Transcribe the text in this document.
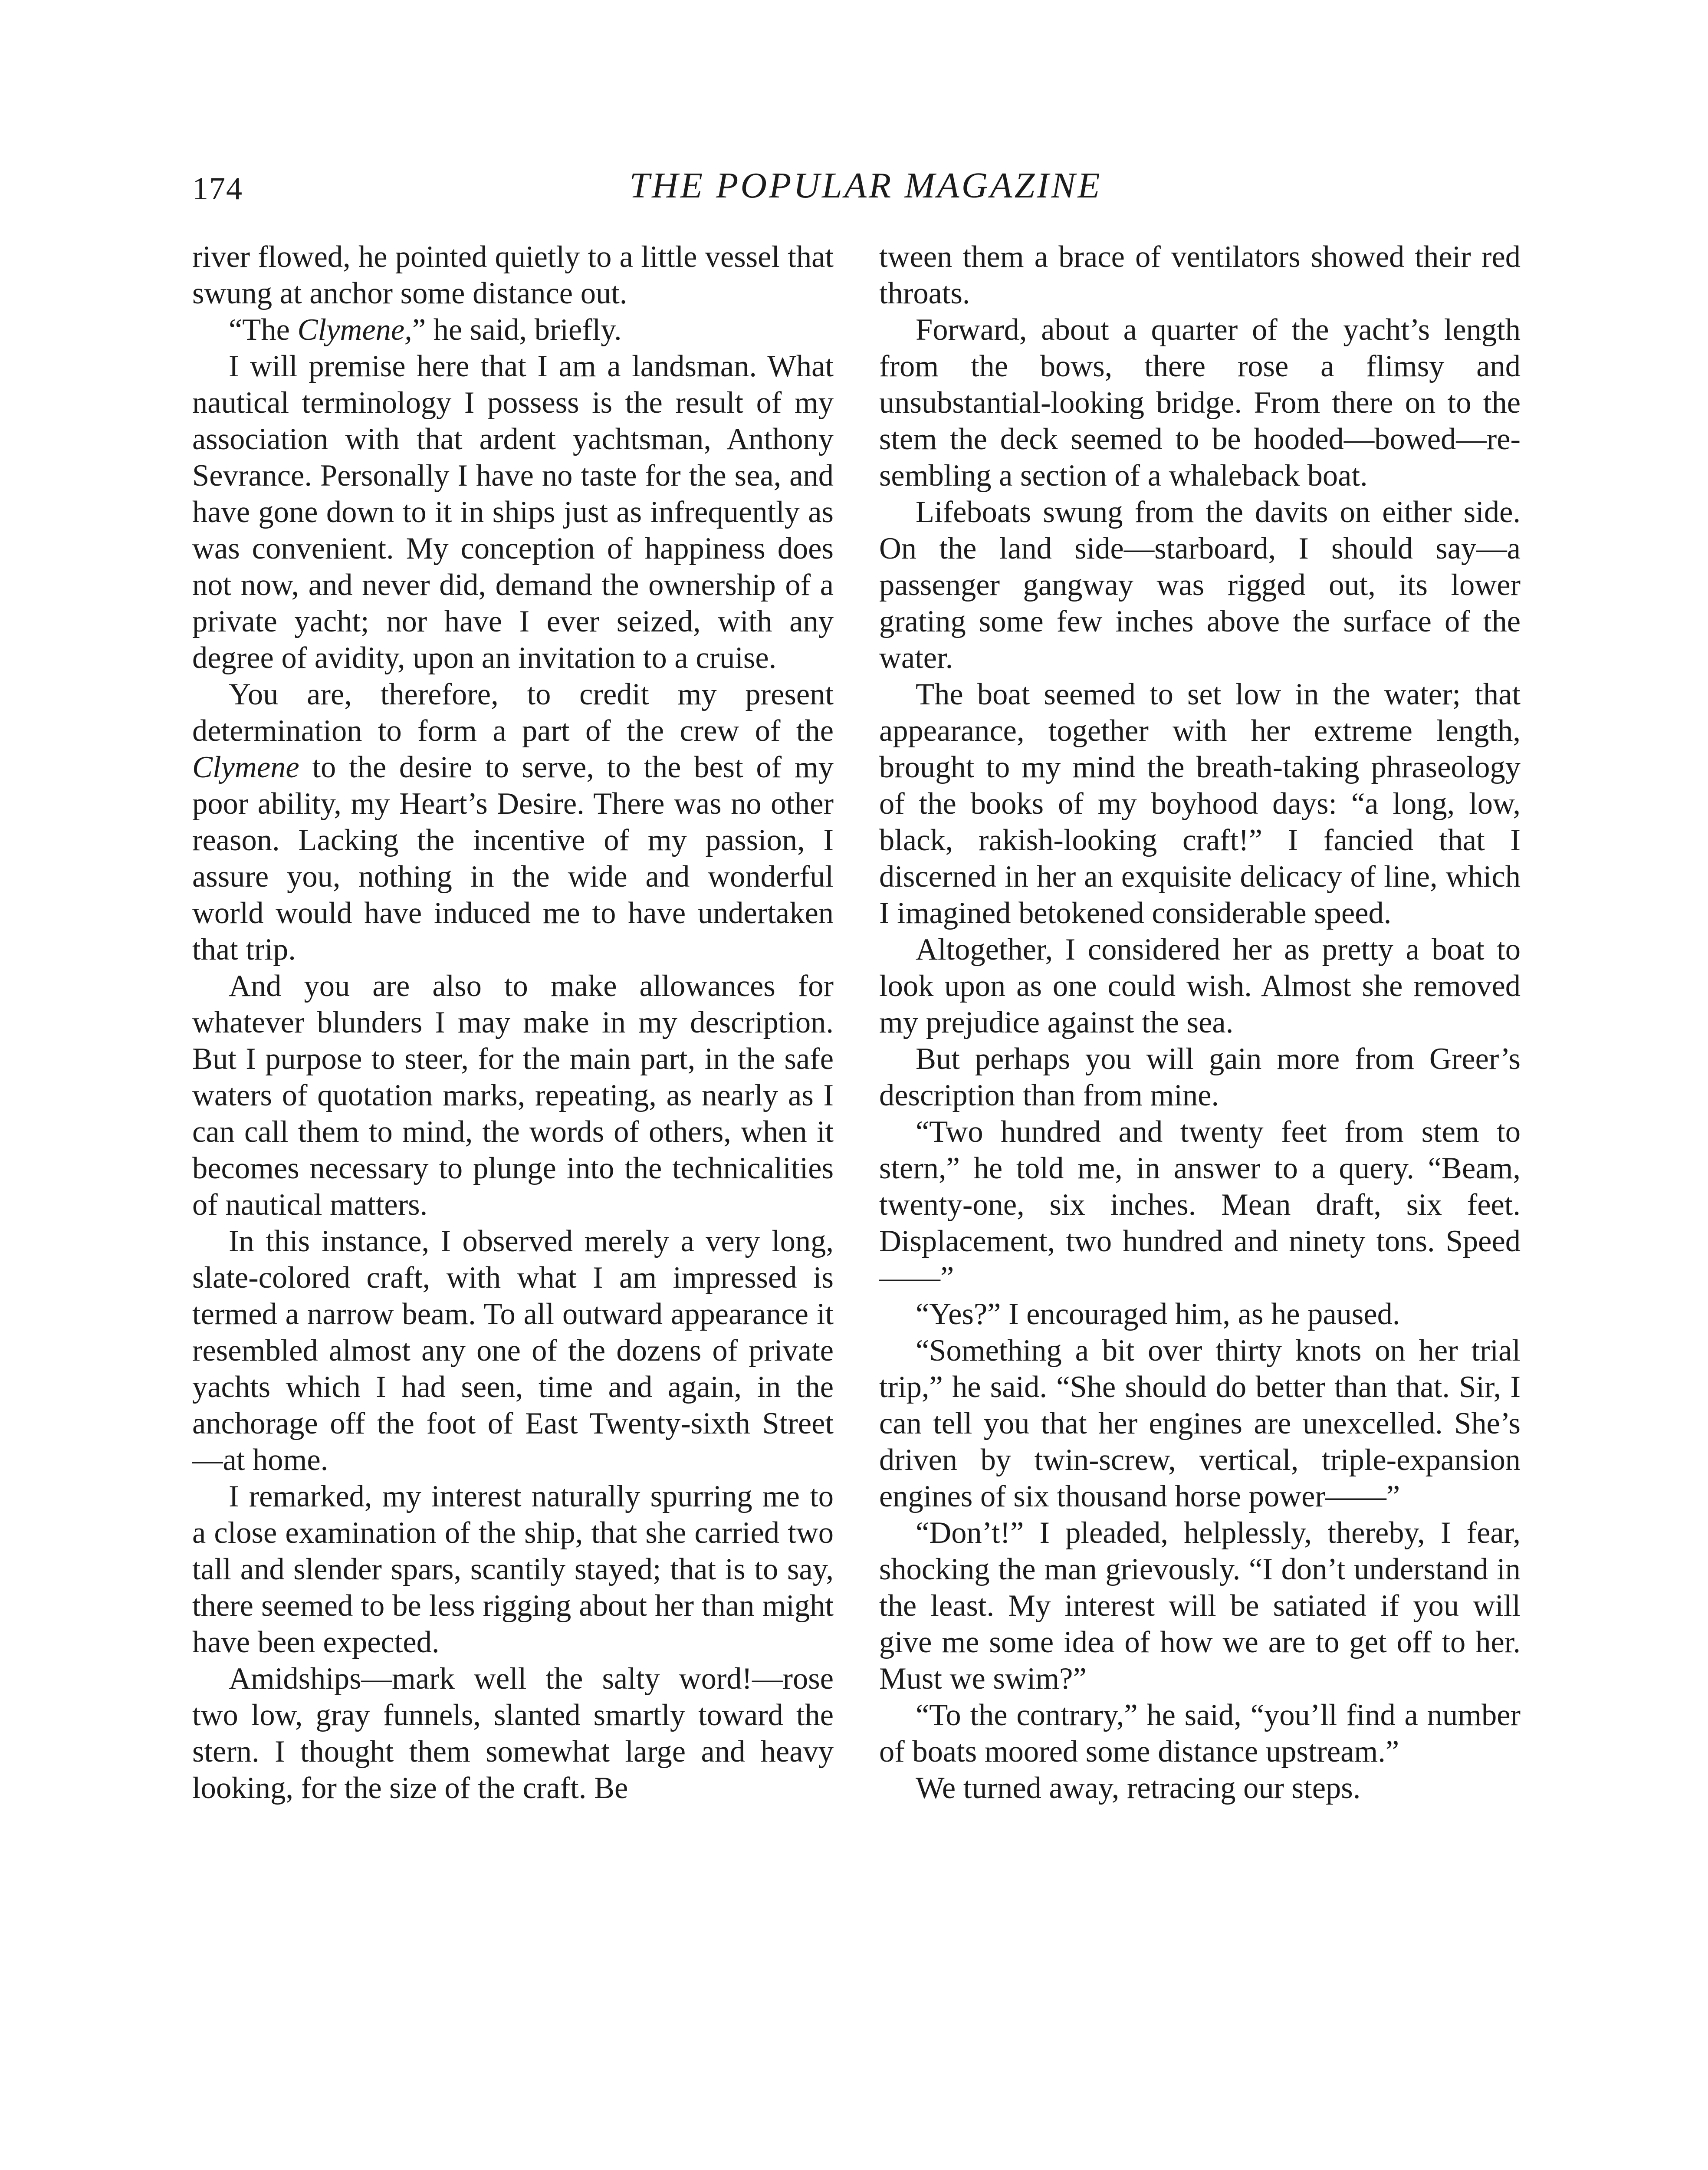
174	THE POPULAR MAGAZINE

river flowed, he pointed quietly to a little vessel that swung at anchor some distance out.

“The Clymene,” he said, briefly.

I will premise here that I am a landsman. What nautical terminology I possess is the result of my association with that ardent yachtsman, Anthony Sevrance. Personally I have no taste for the sea, and have gone down to it in ships just as infrequently as was convenient. My conception of happiness does not now, and never did, demand the ownership of a private yacht; nor have I ever seized, with any degree of avidity, upon an invitation to a cruise.

You are, therefore, to credit my present determination to form a part of the crew of the Clymene to the desire to serve, to the best of my poor ability, my Heart’s Desire. There was no other reason. Lacking the incentive of my passion, I assure you, nothing in the wide and wonderful world would have induced me to have undertaken that trip.

And you are also to make allowances for whatever blunders I may make in my description. But I purpose to steer, for the main part, in the safe waters of quotation marks, repeating, as nearly as I can call them to mind, the words of others, when it becomes necessary to plunge into the technicalities of nautical matters.

In this instance, I observed merely a very long, slate-colored craft, with what I am impressed is termed a narrow beam. To all outward appearance it resembled almost any one of the dozens of private yachts which I had seen, time and again, in the anchorage off the foot of East Twenty-sixth Street—at home.

I remarked, my interest naturally spurring me to a close examination of the ship, that she carried two tall and slender spars, scantily stayed; that is to say, there seemed to be less rigging about her than might have been expected.

Amidships—mark well the salty word!—rose two low, gray funnels, slanted smartly toward the stern. I thought them somewhat large and heavy looking, for the size of the craft. Be

tween them a brace of ventilators showed their red throats.

Forward, about a quarter of the yacht’s length from the bows, there rose a flimsy and unsubstantial-looking bridge. From there on to the stem the deck seemed to be hooded—bowed—resembling a section of a whaleback boat.

Lifeboats swung from the davits on either side. On the land side—starboard, I should say—a passenger gangway was rigged out, its lower grating some few inches above the surface of the water.

The boat seemed to set low in the water; that appearance, together with her extreme length, brought to my mind the breath-taking phraseology of the books of my boyhood days: “a long, low, black, rakish-looking craft!” I fancied that I discerned in her an exquisite delicacy of line, which I imagined betokened considerable speed.

Altogether, I considered her as pretty a boat to look upon as one could wish. Almost she removed my prejudice against the sea.

But perhaps you will gain more from Greer’s description than from mine.

“Two hundred and twenty feet from stem to stern,” he told me, in answer to a query. “Beam, twenty-one, six inches. Mean draft, six feet. Displacement, two hundred and ninety tons. Speed——”

“Yes?” I encouraged him, as he paused.

“Something a bit over thirty knots on her trial trip,” he said. “She should do better than that. Sir, I can tell you that her engines are unexcelled. She’s driven by twin-screw, vertical, triple-expansion engines of six thousand horse power——”

“Don’t!” I pleaded, helplessly, thereby, I fear, shocking the man grievously. “I don’t understand in the least. My interest will be satiated if you will give me some idea of how we are to get off to her. Must we swim?”

“To the contrary,” he said, “you’ll find a number of boats moored some distance upstream.”

We turned away, retracing our steps.
